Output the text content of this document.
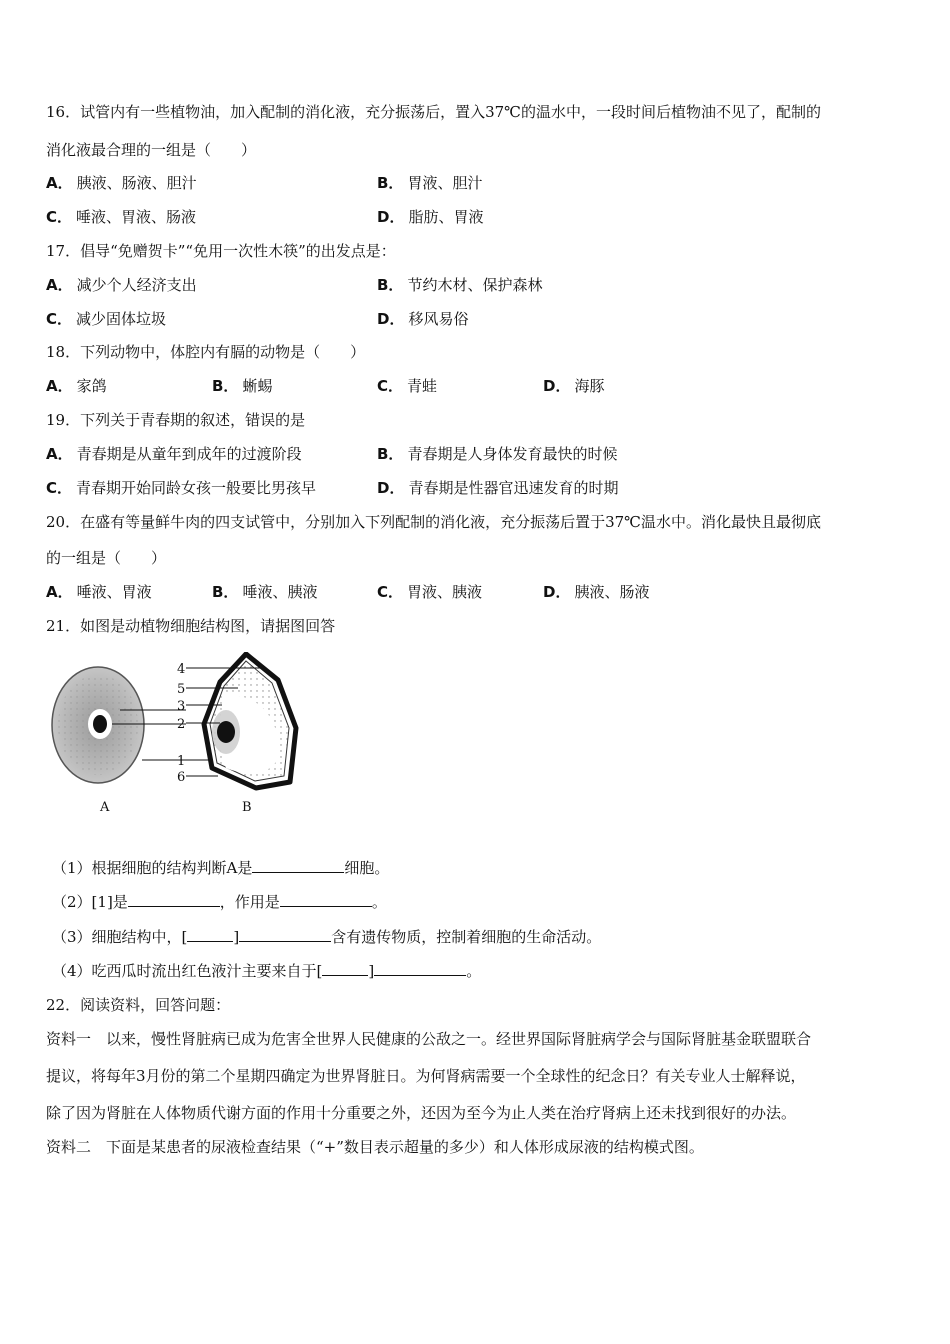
16．试管内有一些植物油，加入配制的消化液，充分振荡后，置入37℃的温水中，一段时间后植物油不见了，配制的
消化液最合理的一组是（　　）
A． 胰液、肠液、胆汁	B． 胃液、胆汁
C． 唾液、胃液、肠液	D． 脂肪、胃液
17．倡导“免赠贺卡”“免用一次性木筷”的出发点是：
A． 减少个人经济支出	B． 节约木材、保护森林
C． 减少固体垃圾	D． 移风易俗
18．下列动物中，体腔内有膈的动物是（　　）
A． 家鸽	B． 蜥蜴	C． 青蛙	D． 海豚
19．下列关于青春期的叙述，错误的是
A． 青春期是从童年到成年的过渡阶段	B． 青春期是人身体发育最快的时候
C． 青春期开始同龄女孩一般要比男孩早	D． 青春期是性器官迅速发育的时期
20．在盛有等量鲜牛肉的四支试管中，分别加入下列配制的消化液，充分振荡后置于37℃温水中。消化最快且最彻底
的一组是（　　）
A． 唾液、胃液	B． 唾液、胰液	C． 胃液、胰液	D． 胰液、肠液
21．如图是动植物细胞结构图，请据图回答
4
5
3
2
1
6
A	B
（1）根据细胞的结构判断A是	细胞。
（2）[1]是	，作用是	。
（3）细胞结构中，[	]	含有遗传物质，控制着细胞的生命活动。
（4）吃西瓜时流出红色液汁主要来自于[	]	。
22．阅读资料，回答问题：
资料一　以来，慢性肾脏病已成为危害全世界人民健康的公敌之一。经世界国际肾脏病学会与国际肾脏基金联盟联合
提议，将每年3月份的第二个星期四确定为世界肾脏日。为何肾病需要一个全球性的纪念日？有关专业人士解释说，
除了因为肾脏在人体物质代谢方面的作用十分重要之外，还因为至今为止人类在治疗肾病上还未找到很好的办法。
资料二　下面是某患者的尿液检查结果（“+”数目表示超量的多少）和人体形成尿液的结构模式图。
